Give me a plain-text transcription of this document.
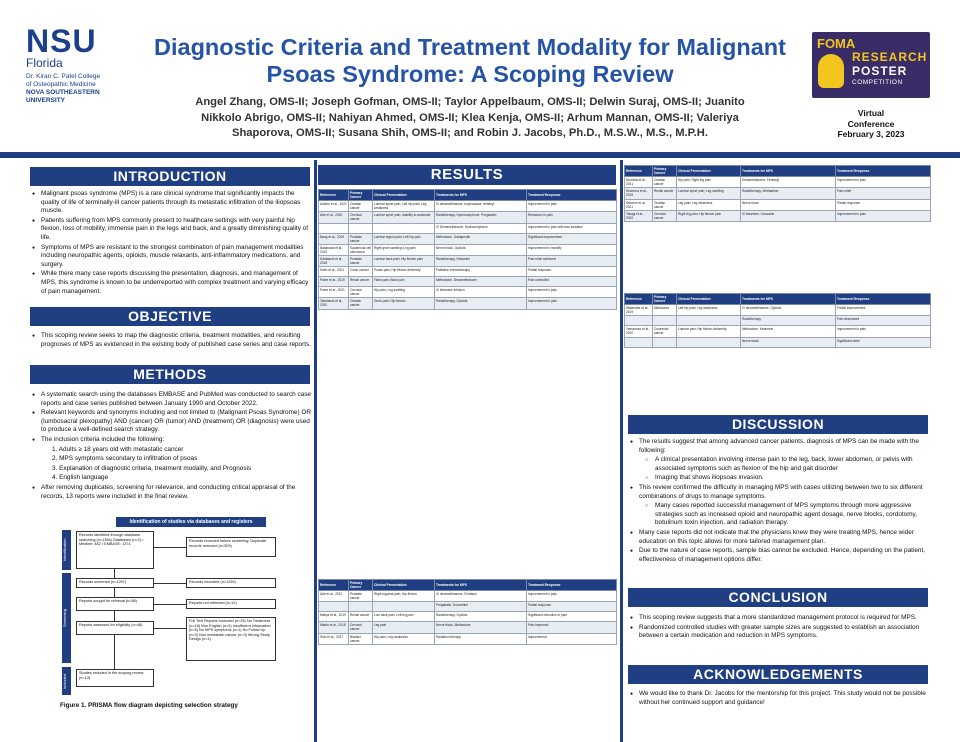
NSU
Florida
Dr. Kiran C. Patel College
of Osteopathic Medicine
NOVA SOUTHEASTERN
UNIVERSITY
Diagnostic Criteria and Treatment Modality for Malignant
Psoas Syndrome: A Scoping Review
Angel Zhang, OMS-II; Joseph Gofman, OMS-II; Taylor Appelbaum, OMS-II; Delwin Suraj, OMS-II; Juanito
Nikkolo Abrigo, OMS-II; Nahiyan Ahmed, OMS-II; Klea Kenja, OMS-II; Arhum Mannan, OMS-II; Valeriya
Shaporova, OMS-II; Susana Shih, OMS-II; and Robin J. Jacobs, Ph.D., M.S.W., M.S., M.P.H.
FOMA
RESEARCH
POSTER
COMPETITION
Virtual
Conference
February 3, 2023
INTRODUCTION
● Malignant psoas syndrome (MPS) is a rare clinical syndrome that significantly impacts the quality of life of terminally-ill cancer patients through its metastatic infiltration of the iliopsoas muscle.
● Patients suffering from MPS commonly present to healthcare settings with very painful hip flexion, loss of mobility, immense pain in the legs and back, and a greatly diminishing quality of life.
● Symptoms of MPS are resistant to the strongest combination of pain management modalities including neuropathic agents, opioids, muscle relaxants, anti-inflammatory medications, and surgery.
● While there many case reports discussing the presentation, diagnosis, and management of MPS, this syndrome is known to be underreported with complex treatment and varying efficacy of pain management.
OBJECTIVE
● This scoping review seeks to map the diagnostic criteria, treatment modalities, and resulting prognoses of MPS as evidenced in the existing body of published case series and case reports.
METHODS
● A systematic search using the databases EMBASE and PubMed was conducted to search case reports and case series published between January 1990 and October 2022.
● Relevant keywords and synonyms including and not limited to (Malignant Psoas Syndrome) OR (lumbosacral plexopathy) AND (cancer) OR (tumor) AND (treatment) OR (diagnosis) were used to produce a well-defined search strategy.
● The inclusion criteria included the following:
1. Adults ≥ 18 years old with metastatic cancer
2. MPS symptoms secondary to infiltration of psoas
3. Explanation of diagnostic criteria, treatment modality, and Prognosis
4. English language
● After removing duplicates, screening for relevance, and conducting critical appraisal of the records, 13 reports were included in the final review.
Identification of studies via databases and registers
Identification
Screening
Included
Records identified through database searching (n=1356) Databases (n=2) • Medline: 482 • EMBASE: 1374
Records removed before screening: Duplicate records removed (n=309)
Records screened (n=1297)	Records excluded (n=1239)
Reports sought for retrieval (n=58)	Reports not retrieved (n=12)
Reports assessed for eligibility (n=46)
Full Text Reports excluded (n=33) No Treatment (n=18) Non English (n=4) Insufficient information (n=5) No MPS symptoms (n=1) No Follow Up (n=0) Non metastatic cancer (n=3) Wrong Study Design (n=1)
Studies included in the scoping review (n=13)
Figure 1. PRISMA flow diagram depicting selection strategy
RESULTS
Reference	Primary Cancer	Clinical Presentation	Treatments for MPS	Treatment Response
Adamu et al., 2021	Ovarian cancer	Lumbar spine pain; Left hip pain; Leg weakness	IV dexamethasone, bupivacaine, fentanyl	Improvement in pain
Abe et al., 2020	Cervical cancer	Lumbar spine pain; Inability to ambulate	Radiotherapy, Hydromorphone, Pregabalin	Reduction in pain
			IV Dexamethasone, Hydromorphone	Improvement in pain with less sedation
Bang et al., 2019	Prostate cancer	Lumbar region pain; Left hip pain	Methadone, Gabapentin	Significant improvement
Basanaad et al., 2019	Squamous cell carcinoma	Right groin swelling; Leg pain	Nerve block, Opioids	Improvement in mobility
Karabachi et al., 2018	Prostate cancer	Lumbar back pain; Hip flexion pain	Radiotherapy, Ketamine	Pain relief achieved
Kahn et al., 2021	Colon cancer	Psoas pain; Hip flexion deformity	Palliative chemotherapy	Partial response
Paine et al., 2019	Rectal cancer	Flank pain; Back pain	Methadone, Dexamethasone	Pain controlled
Paine et al., 2021	Cervical cancer	Hip pain; Leg swelling	IV ketamine infusion	Improvement in pain
Takahashi et al., 2020	Ovarian cancer	Groin pain; Hip flexion	Radiotherapy, Opioids	Improvement in pain
Reference	Primary Cancer	Clinical Presentation	Treatments for MPS	Treatment Response
Abe et al., 2021	Prostate cancer	Right inguinal pain; Hip flexion	IV dexamethasone, Fentanyl	Improvement in pain
			Pregabalin, Duloxetine	Partial response
Mallya et al., 2019	Rectal cancer	Low back pain; Left leg pain	Radiotherapy, Opioids	Significant reduction in pain
Martin et al., 2018	Cervical cancer	Leg pain	Nerve block, Methadone	Pain improved
Shin et al., 2017	Bladder cancer	Hip pain; Leg weakness	Radiation therapy	Improvement
Reference	Primary Cancer	Clinical Presentation	Treatments for MPS	Treatment Response
Nuchida et al., 2021	Ovarian cancer	Hip pain; Right leg pain	Dexamethasone, Fentanyl	Improvement in pain
Shomura et al., 2019	Rectal cancer	Lumbar spine pain; Leg swelling	Radiotherapy, Methadone	Pain relief
Stevens et al., 2021	Ovarian cancer	Leg pain; Leg weakness	Nerve block	Partial response
Takagi et al., 2020	Cervical cancer	Right leg pain; Hip flexion pain	IV ketamine, Lidocaine	Improvement in pain
Reference	Primary Cancer	Clinical Presentation	Treatments for MPS	Treatment Response
Watanabe et al., 2019	Melanoma	Left hip pain; Leg weakness	IV dexamethasone, Opioids	Partial improvement
			Radiotherapy	Pain decreased
Yamamoto et al., 2020	Colorectal cancer	Lumbar pain; Hip flexion deformity	Methadone, Ketamine	Improvement in pain
			Nerve block	Significant relief
DISCUSSION
● The results suggest that among advanced cancer patients, diagnosis of MPS can be made with the following:
○ A clinical presentation involving intense pain to the leg, back, lower abdomen, or pelvis with associated symptoms such as flexion of the hip and gait disorder
○ Imaging that shows iliopsoas invasion.
● This review confirmed the difficulty in managing MPS with cases utilizing between two to six different combinations of drugs to manage symptoms.
○ Many cases reported successful management of MPS symptoms through more aggressive strategies such as increased opioid and neuropathic agent dosage, nerve blocks, cordotomy, botulinum toxin injection, and radiation therapy.
● Many case reports did not indicate that the physicians knew they were treating MPS, hence wider education on this topic allows for more tailored management plan.
● Due to the nature of case reports, sample bias cannot be excluded. Hence, depending on the patient, effectiveness of management options differ.
CONCLUSION
● This scoping review suggests that a more standardized management protocol is required for MPS.
● Randomized controlled studies with greater sample sizes are suggested to establish an association between a certain medication and reduction in MPS symptoms.
ACKNOWLEDGEMENTS
● We would like to thank Dr. Jacobs for the mentorship for this project. This study would not be possible without her continued support and guidance!
